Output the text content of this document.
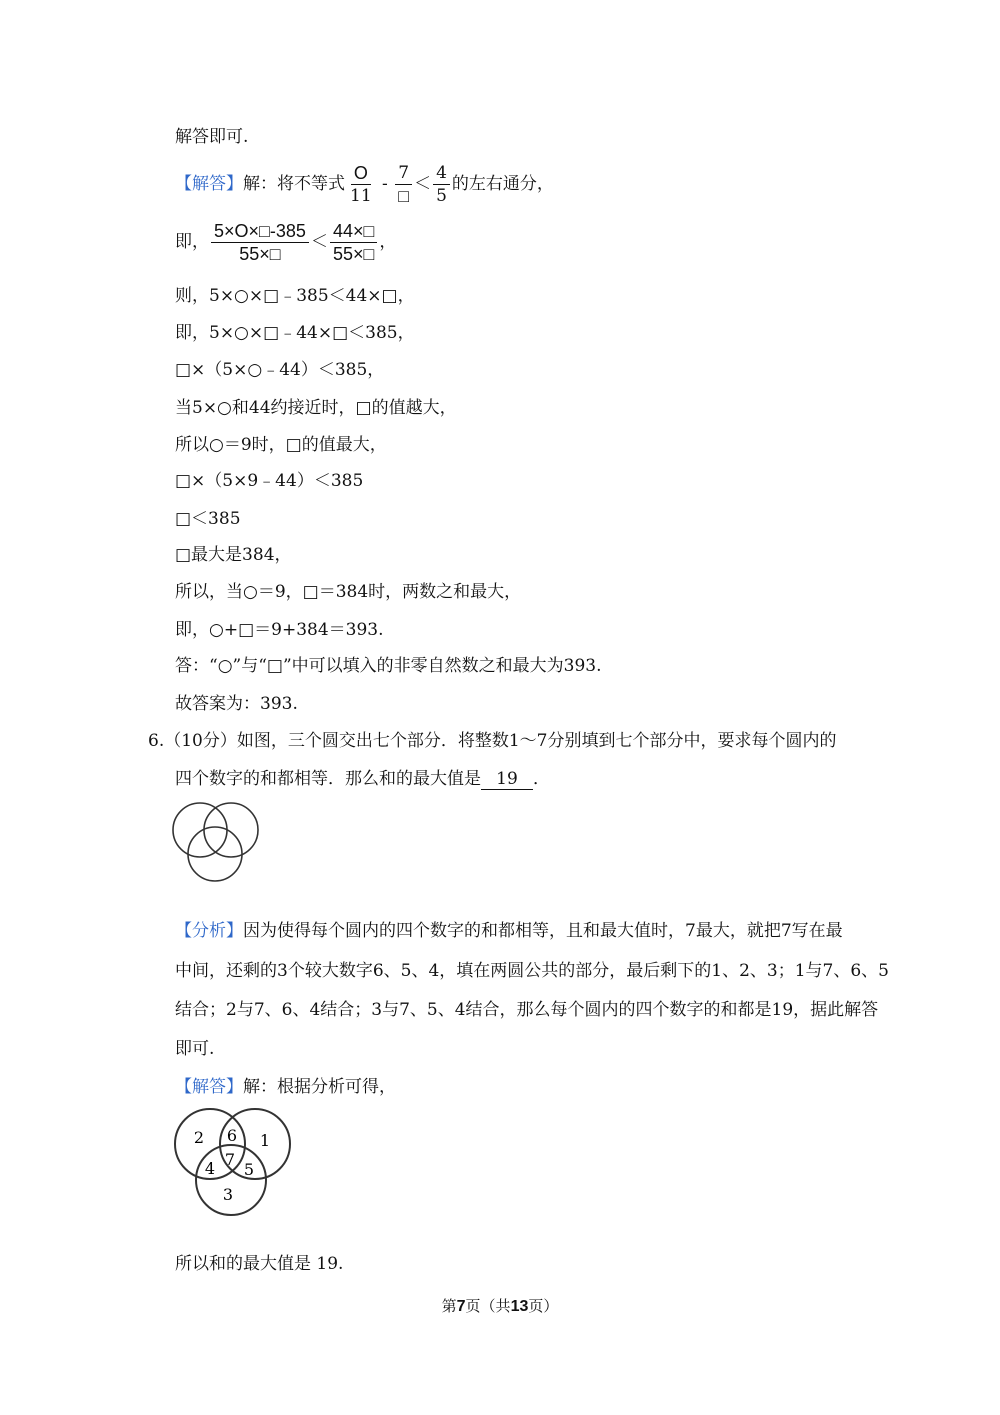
解答即可.
【解答】解：将不等式 $\frac{O}{11} - \frac{7}{□} < \frac{4}{5}$ 的左右通分，
即， $\frac{5\times O\times□-385}{55\times□} < \frac{44\times□}{55\times□}$ ，
则，5×○×□﹣385＜44×□，
即，5×○×□﹣44×□＜385，
□×（5×○﹣44）＜385，
当5×○和44约接近时，□的值越大，
所以○＝9时，□的值最大，
□×（5×9﹣44）＜385
□＜385
□最大是384，
所以，当○＝9，□＝384时，两数之和最大，
即，○+□＝9+384＝393.
答：“○”与“□”中可以填入的非零自然数之和最大为393.
故答案为：393.
6.（10分）如图，三个圆交出七个部分．将整数1～7分别填到七个部分中，要求每个圆内的
四个数字的和都相等．那么和的最大值是 19 ．
【分析】因为使得每个圆内的四个数字的和都相等，且和最大值时，7最大，就把7写在最
中间，还剩的3个较大数字6、5、4，填在两圆公共的部分，最后剩下的1、2、3；1与7、6、5
结合；2与7、6、4结合；3与7、5、4结合，那么每个圆内的四个数字的和都是19，据此解答
即可.
【解答】解：根据分析可得，
2 6 1
4 7
5
3
所以和的最大值是 19.
第7页（共13页）
